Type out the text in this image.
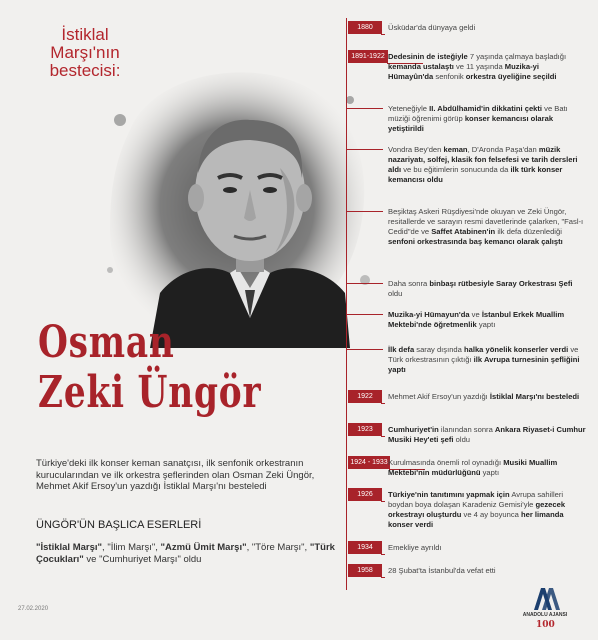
İstiklal
Marşı'nın
bestecisi:
Osman
Zeki Üngör
Türkiye'deki ilk konser keman sanatçısı, ilk senfonik orkestranın kurucularından ve ilk orkestra şeflerinden olan Osman Zeki Üngör, Mehmet Akif Ersoy'un yazdığı İstiklal Marşı'nı besteledi
ÜNGÖR'ÜN BAŞLICA ESERLERİ
"İstiklal Marşı", "İlim Marşı", "Azmü Ümit Marşı", "Töre Marşı", "Türk Çocukları" ve "Cumhuriyet Marşı" oldu
27.02.2020
1880	Üsküdar'da dünyaya geldi
1891-1922 Dedesinin de isteğiyle 7 yaşında çalmaya başladığı kemanda ustalaştı ve 11 yaşında Muzika-yi Hümayûn'da senfonik orkestra üyeliğine seçildi
Yeteneğiyle II. Abdülhamid'in dikkatini çekti ve Batı müziği öğrenimi görüp konser kemancısı olarak yetiştirildi
Vondra Bey'den keman, D'Aronda Paşa'dan müzik nazariyatı, solfej, klasik fon felsefesi ve tarih dersleri aldı ve bu eğitimlerin sonucunda da ilk türk konser kemancısı oldu
Beşiktaş Askeri Rüşdiyesi'nde okuyan ve Zeki Üngör, resitallerde ve sarayın resmi davetlerinde çalarken, "Fasl-ı Cedid"de ve Saffet Atabinen'in ilk defa düzenlediği senfoni orkestrasında baş kemancı olarak çalıştı
Daha sonra binbaşı rütbesiyle Saray Orkestrası Şefi oldu
Muzika-yi Hümayun'da ve İstanbul Erkek Muallim Mektebi'nde öğretmenlik yaptı
İlk defa saray dışında halka yönelik konserler verdi ve Türk orkestrasının çıktığı ilk Avrupa turnesinin şefliğini yaptı
1922	Mehmet Akif Ersoy'un yazdığı İstiklal Marşı'nı besteledi
1923	Cumhuriyet'in ilanından sonra Ankara Riyaset-i Cumhur Musiki Hey'eti şefi oldu
1924 - 1933 Kurulmasında önemli rol oynadığı Musiki Muallim Mektebi'nin müdürlüğünü yaptı
1926	Türkiye'nin tanıtımını yapmak için Avrupa sahilleri boydan boya dolaşan Karadeniz Gemisi'yle gezecek orkestrayı oluşturdu ve 4 ay boyunca her limanda konser verdi
1934	Emekliye ayrıldı
1958	28 Şubat'ta İstanbul'da vefat etti
ANADOLU AJANSI
100
